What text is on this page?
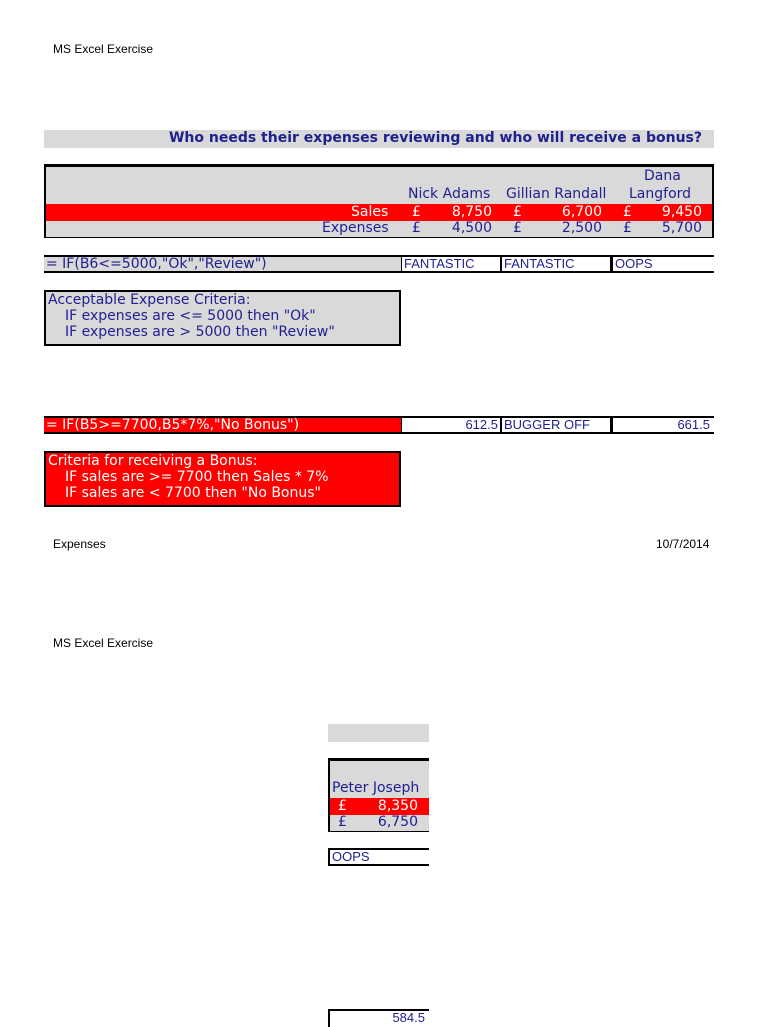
MS Excel Exercise
Who needs their expenses reviewing and who will receive a bonus?
Nick Adams Gillian Randall
Dana
Langford
Sales £	8,750 £	6,700 £	9,450
Expenses £	4,500 £	2,500 £	5,700
= IF(B6<=5000,"Ok","Review")	FANTASTIC	FANTASTIC	OOPS
Acceptable Expense Criteria:
IF expenses are <= 5000 then "Ok"
IF expenses are > 5000 then "Review"
= IF(B5>=7700,B5*7%,"No Bonus")	612.5 BUGGER OFF	661.5
Criteria for receiving a Bonus:
IF sales are >= 7700 then Sales * 7%
IF sales are < 7700 then "No Bonus"
Expenses	10/7/2014
MS Excel Exercise
Peter Joseph
£	8,350
£	6,750
OOPS
584.5
